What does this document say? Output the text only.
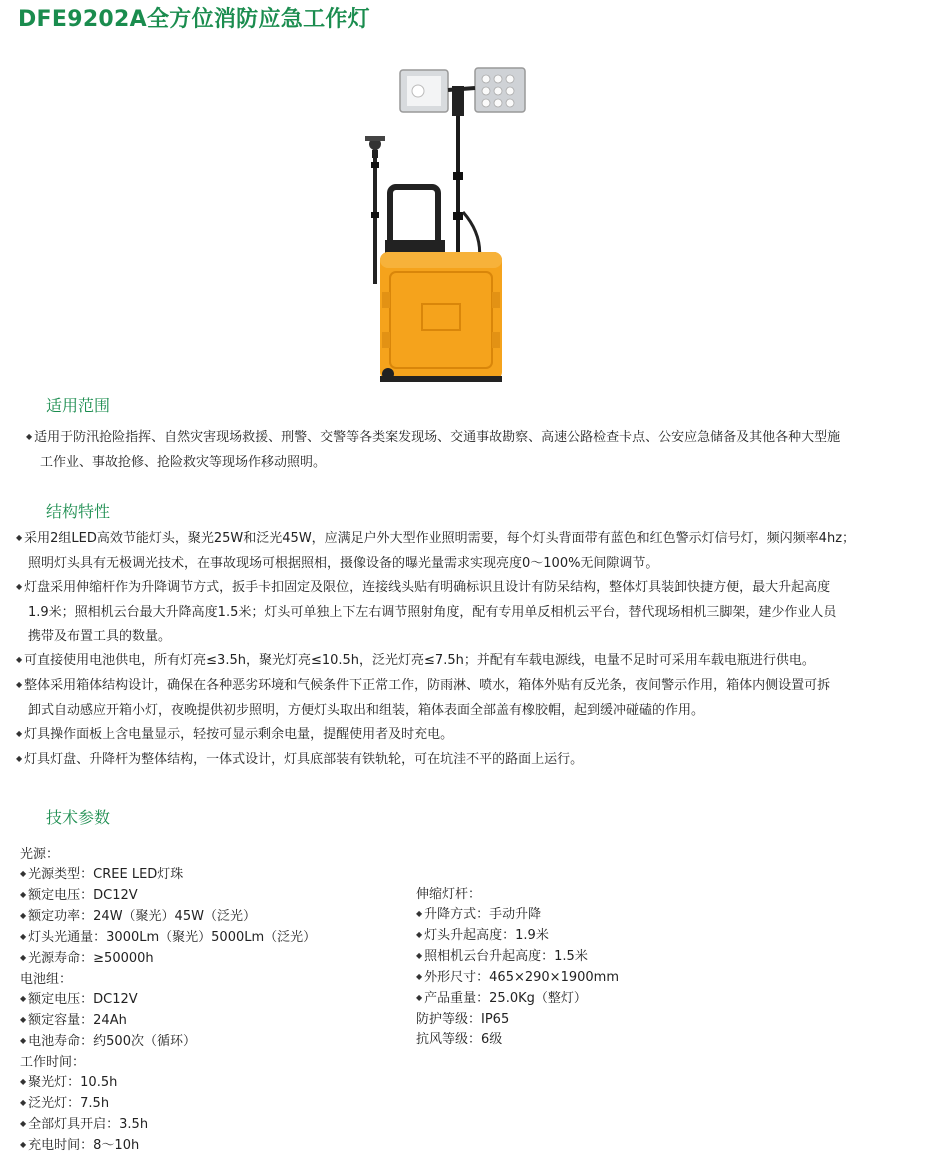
DFE9202A全方位消防应急工作灯
适用范围
◆ 适用于防汛抢险指挥、自然灾害现场救援、刑警、交警等各类案发现场、交通事故勘察、高速公路检查卡点、公安应急储备及其他各种大型施
工作业、事故抢修、抢险救灾等现场作移动照明。
结构特性
◆ 采用2组LED高效节能灯头，聚光25W和泛光45W，应满足户外大型作业照明需要，每个灯头背面带有蓝色和红色警示灯信号灯，频闪频率4hz；
照明灯头具有无极调光技术，在事故现场可根据照相，摄像设备的曝光量需求实现亮度0～100%无间隙调节。
◆ 灯盘采用伸缩杆作为升降调节方式，扳手卡扣固定及限位，连接线头贴有明确标识且设计有防呆结构，整体灯具装卸快捷方便，最大升起高度
1.9米；照相机云台最大升降高度1.5米；灯头可单独上下左右调节照射角度，配有专用单反相机云平台，替代现场相机三脚架，建少作业人员
携带及布置工具的数量。
◆ 可直接使用电池供电，所有灯亮≤3.5h，聚光灯亮≤10.5h，泛光灯亮≤7.5h；并配有车载电源线，电量不足时可采用车载电瓶进行供电。
◆ 整体采用箱体结构设计，确保在各种恶劣环境和气候条件下正常工作，防雨淋、喷水，箱体外贴有反光条，夜间警示作用，箱体内侧设置可拆
卸式自动感应开箱小灯，夜晚提供初步照明，方便灯头取出和组装，箱体表面全部盖有橡胶帽，起到缓冲碰磕的作用。
◆ 灯具操作面板上含电量显示，轻按可显示剩余电量，提醒使用者及时充电。
◆ 灯具灯盘、升降杆为整体结构，一体式设计，灯具底部装有铁轨轮，可在坑洼不平的路面上运行。
技术参数
光源：
◆ 光源类型：CREE LED灯珠
◆ 额定电压：DC12V
◆ 额定功率：24W（聚光）45W（泛光）
◆ 灯头光通量：3000Lm（聚光）5000Lm（泛光）
◆ 光源寿命：≥50000h
电池组：
◆ 额定电压：DC12V
◆ 额定容量：24Ah
◆ 电池寿命：约500次（循环）
工作时间：
◆ 聚光灯：10.5h
◆ 泛光灯：7.5h
◆ 全部灯具开启：3.5h
◆ 充电时间：8～10h
伸缩灯杆：
◆ 升降方式：手动升降
◆ 灯头升起高度：1.9米
◆ 照相机云台升起高度：1.5米
◆ 外形尺寸：465×290×1900mm
◆ 产品重量：25.0Kg（整灯）
防护等级：IP65
抗风等级：6级
